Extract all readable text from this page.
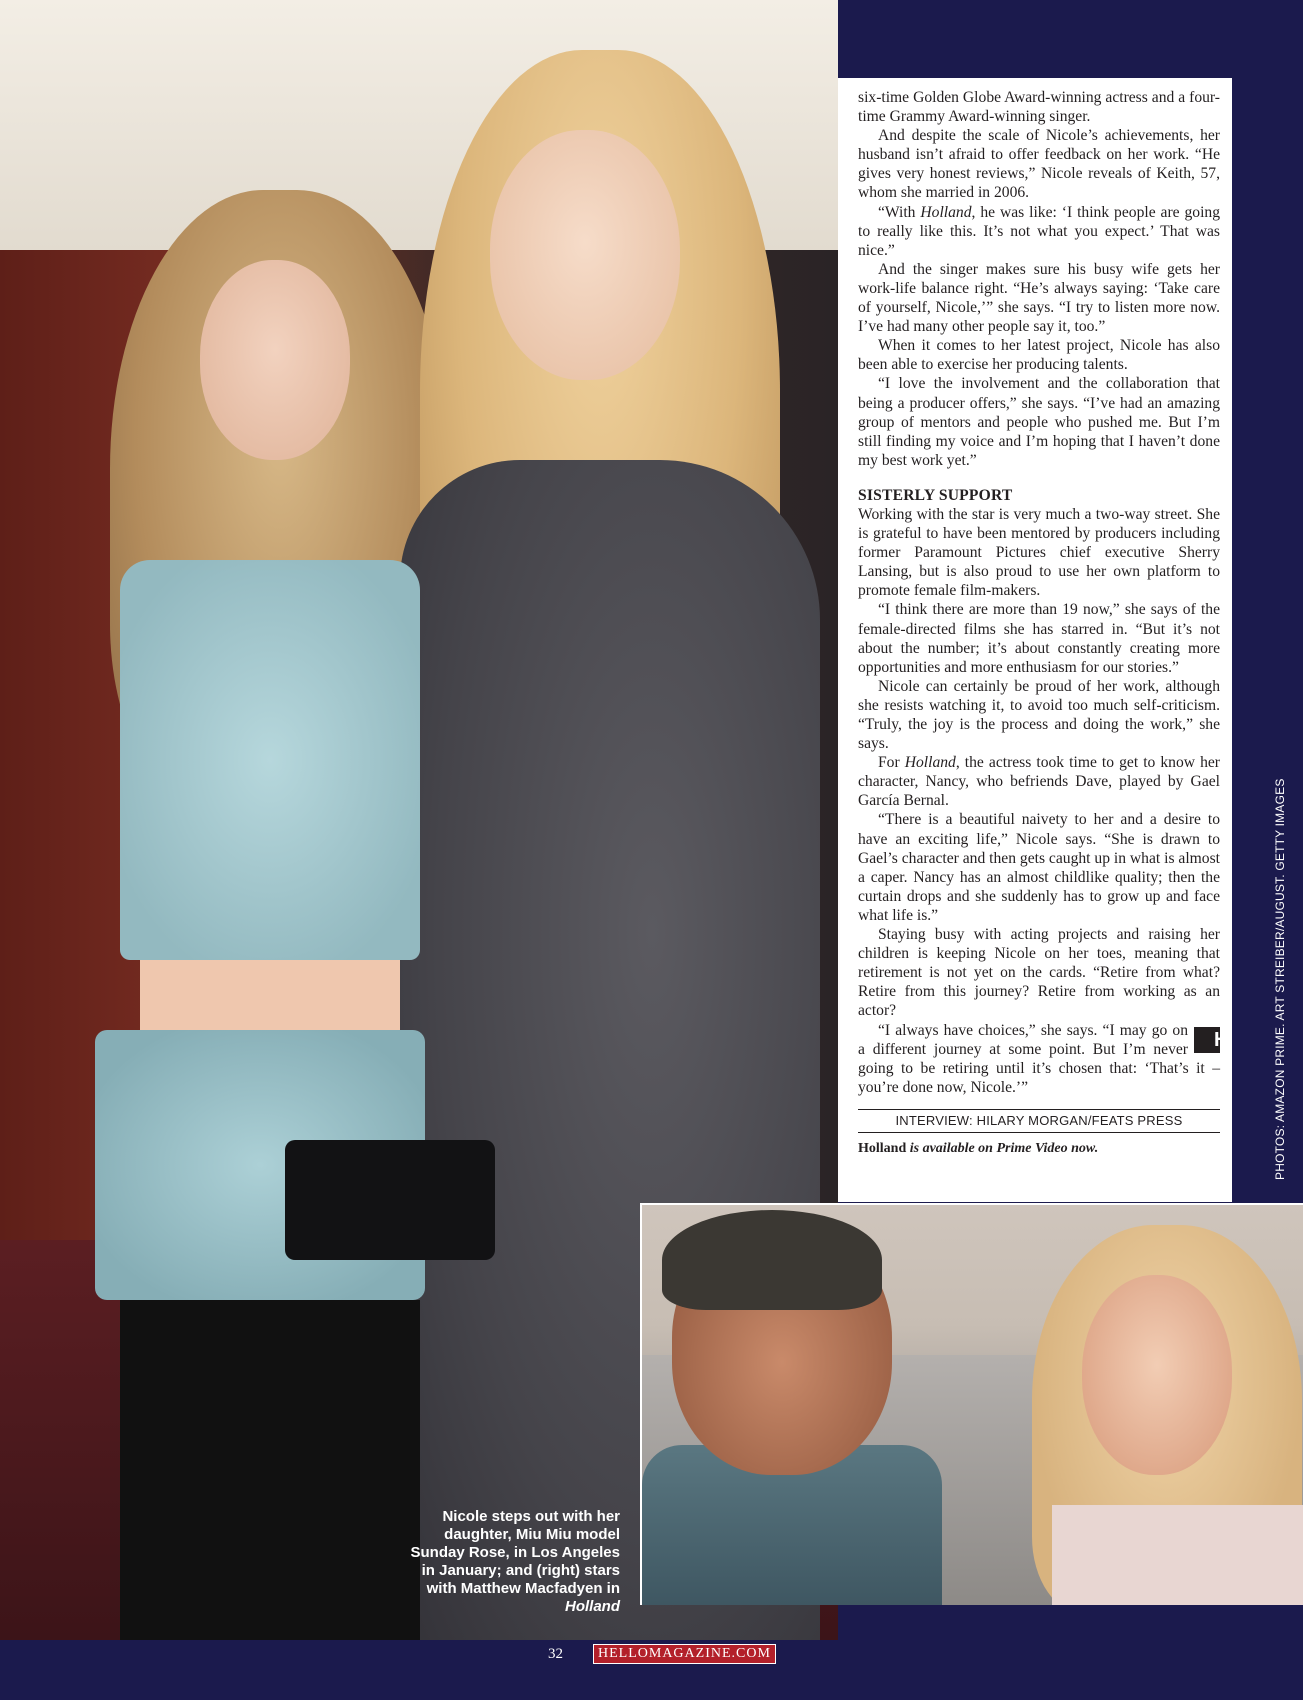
Nicole steps out with her daughter, Miu Miu model Sunday Rose, in Los Angeles in January; and (right) stars with Matthew Macfadyen in Holland

six-time Golden Globe Award-winning actress and a four-time Grammy Award-winning singer.

And despite the scale of Nicole’s achievements, her husband isn’t afraid to offer feedback on her work. “He gives very honest reviews,” Nicole reveals of Keith, 57, whom she married in 2006.

“With Holland, he was like: ‘I think people are going to really like this. It’s not what you expect.’ That was nice.”

And the singer makes sure his busy wife gets her work-life balance right. “He’s always saying: ‘Take care of yourself, Nicole,’” she says. “I try to listen more now. I’ve had many other people say it, too.”

When it comes to her latest project, Nicole has also been able to exercise her producing talents.

“I love the involvement and the collaboration that being a producer offers,” she says. “I’ve had an amazing group of mentors and people who pushed me. But I’m still finding my voice and I’m hoping that I haven’t done my best work yet.”

SISTERLY SUPPORT

Working with the star is very much a two-way street. She is grateful to have been mentored by producers including former Paramount Pictures chief executive Sherry Lansing, but is also proud to use her own platform to promote female film-makers.

“I think there are more than 19 now,” she says of the female-directed films she has starred in. “But it’s not about the number; it’s about constantly creating more opportunities and more enthusiasm for our stories.”

Nicole can certainly be proud of her work, although she resists watching it, to avoid too much self-criticism. “Truly, the joy is the process and doing the work,” she says.

For Holland, the actress took time to get to know her character, Nancy, who befriends Dave, played by Gael García Bernal.

“There is a beautiful naivety to her and a desire to have an exciting life,” Nicole says. “She is drawn to Gael’s character and then gets caught up in what is almost a caper. Nancy has an almost childlike quality; then the curtain drops and she suddenly has to grow up and face what life is.”

Staying busy with acting projects and raising her children is keeping Nicole on her toes, meaning that retirement is not yet on the cards. “Retire from what? Retire from this journey? Retire from working as an actor?

H
“I always have choices,” she says. “I may go on a different journey at some point. But I’m never going to be retiring until it’s chosen that: ‘That’s it – you’re done now, Nicole.’”

INTERVIEW: HILARY MORGAN/FEATS PRESS
Holland is available on Prime Video now.	PHOTOS: AMAZON PRIME. ART STREIBER/AUGUST. GETTY IMAGES
32	HELLOMAGAZINE.COM
